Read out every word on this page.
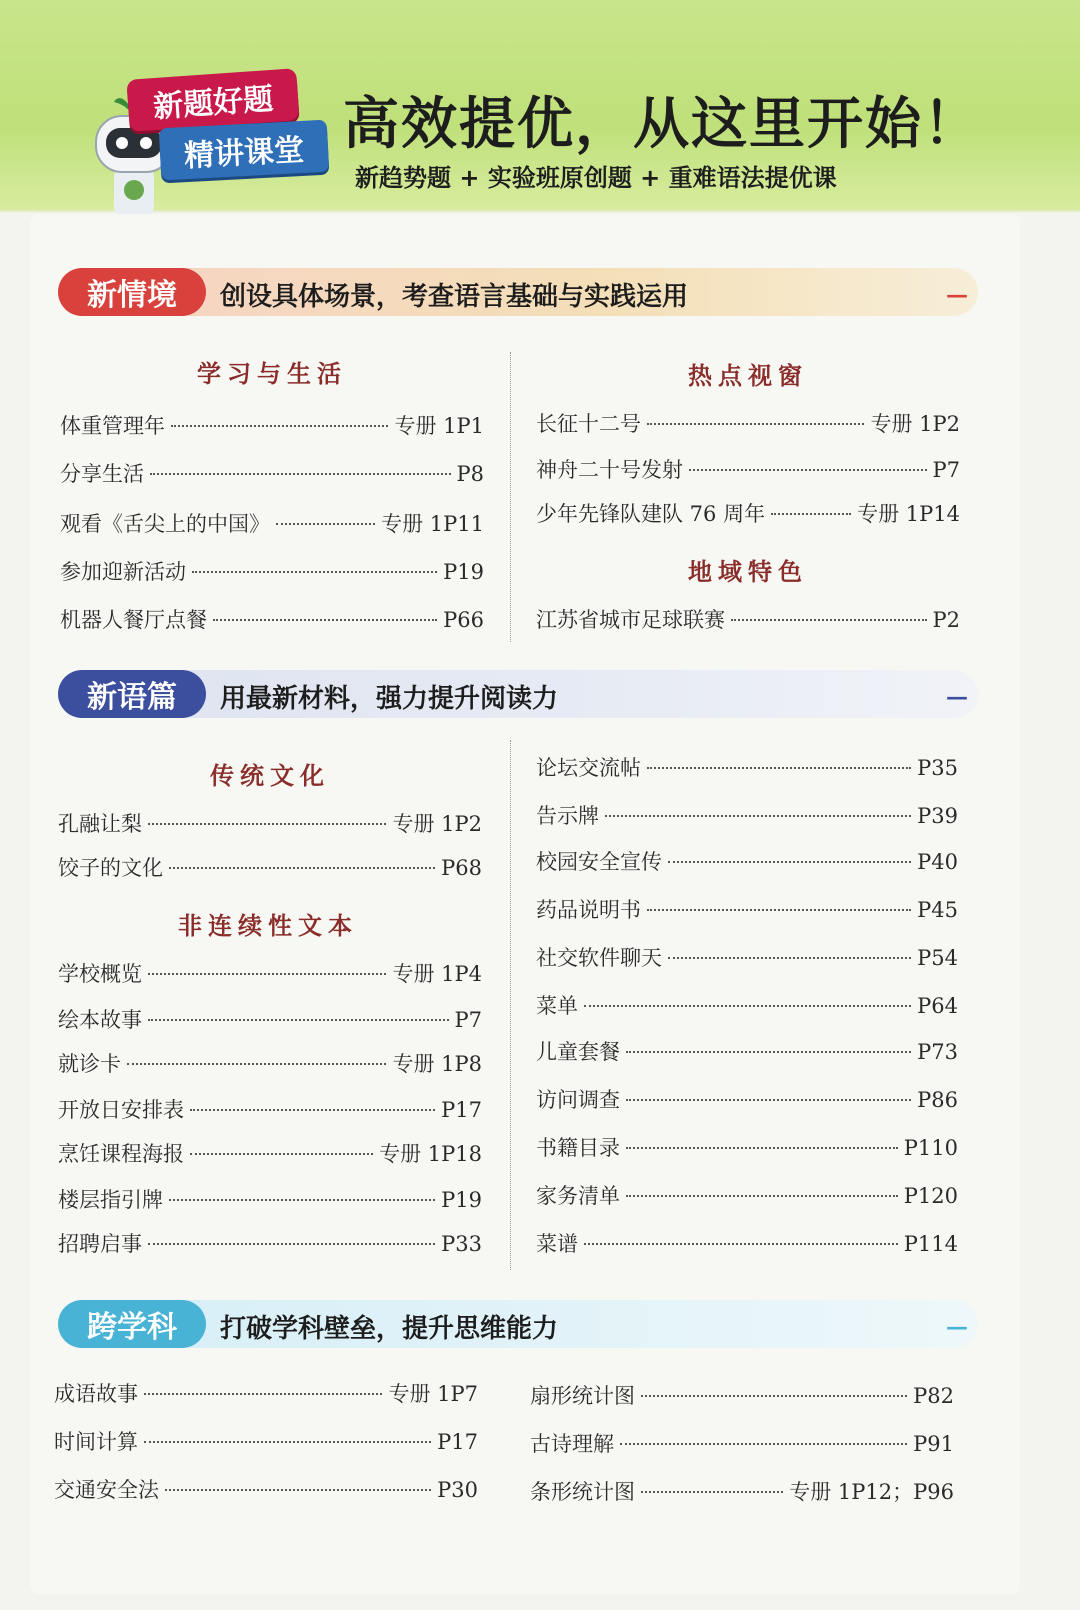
新题好题
精讲课堂 高效提优，从这里开始！
新趋势题 + 实验班原创题 + 重难语法提优课
新情境	创设具体场景，考查语言基础与实践运用	—
新语篇	用最新材料，强力提升阅读力	—
跨学科	打破学科壁垒，提升思维能力	—
学习与生活
体重管理年	专册 1P1
分享生活	P8
观看《舌尖上的中国》	专册 1P11
参加迎新活动	P19
机器人餐厅点餐	P66
热点视窗
长征十二号	专册 1P2
神舟二十号发射	P7
少年先锋队建队 76 周年	专册 1P14
地域特色
江苏省城市足球联赛	P2
传统文化
孔融让梨	专册 1P2
饺子的文化	P68
非连续性文本
学校概览	专册 1P4
绘本故事	P7
就诊卡	专册 1P8
开放日安排表	P17
烹饪课程海报	专册 1P18
楼层指引牌	P19
招聘启事	P33
论坛交流帖	P35
告示牌	P39
校园安全宣传	P40
药品说明书	P45
社交软件聊天	P54
菜单	P64
儿童套餐	P73
访问调查	P86
书籍目录	P110
家务清单	P120
菜谱	P114
成语故事	专册 1P7
时间计算	P17
交通安全法	P30
扇形统计图	P82
古诗理解	P91
条形统计图	专册 1P12；P96
